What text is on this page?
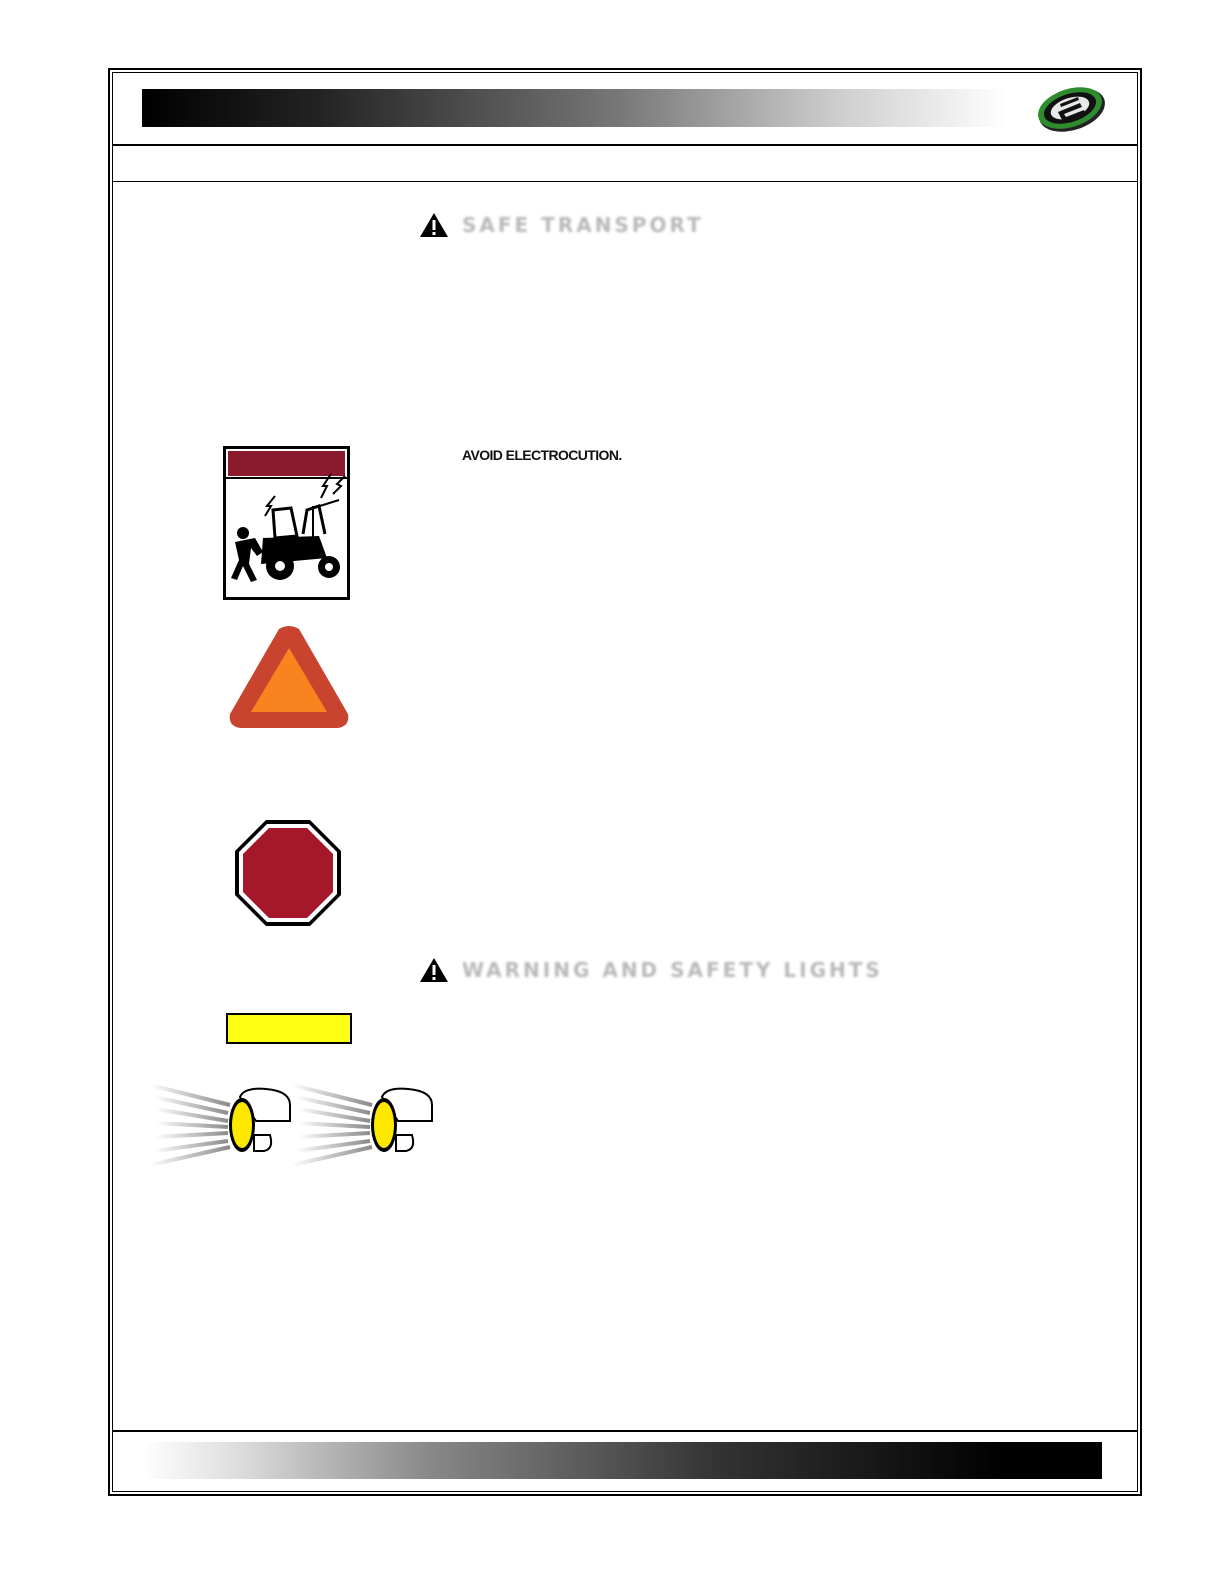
SAFE TRANSPORT
AVOID ELECTROCUTION.
WARNING AND SAFETY LIGHTS
